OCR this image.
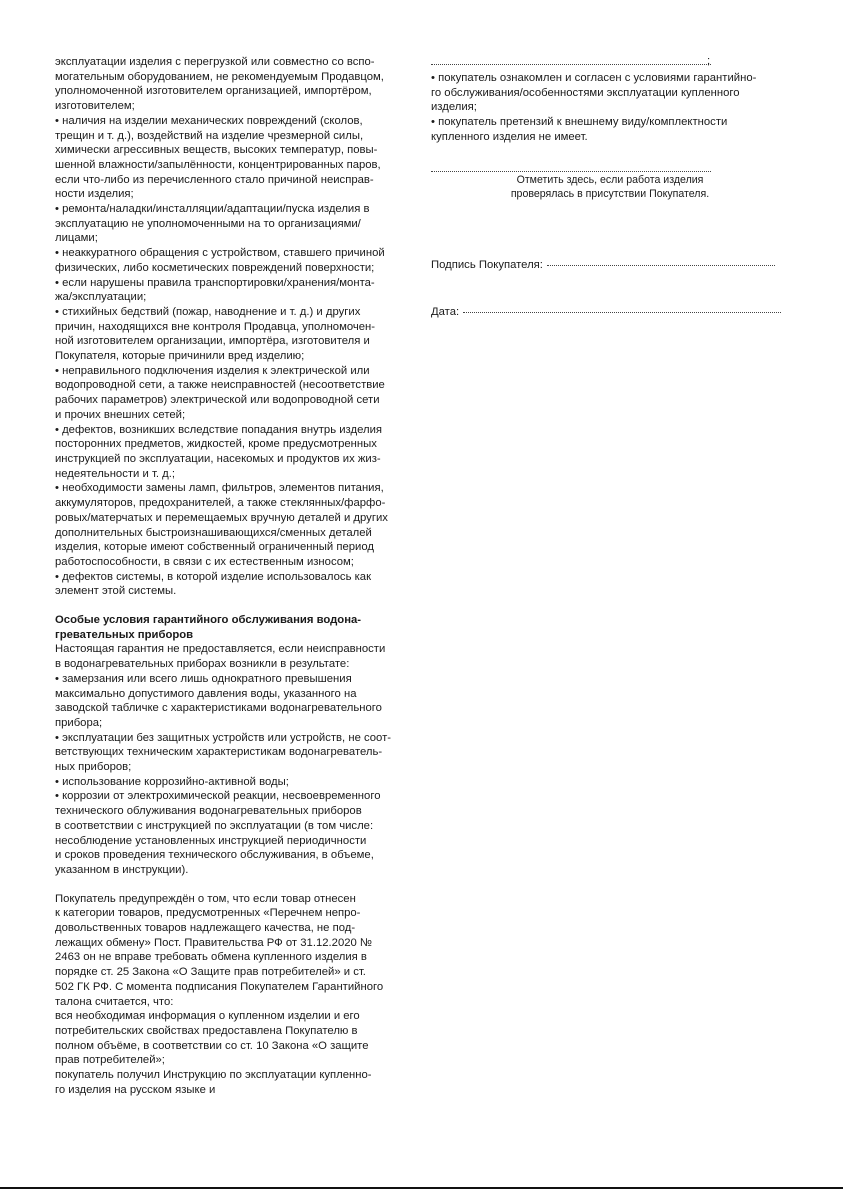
эксплуатации изделия с перегрузкой или совместно со вспо-

могательным оборудованием, не рекомендуемым Продавцом,

уполномоченной изготовителем организацией, импортёром,

изготовителем;

• наличия на изделии механических повреждений (сколов,

трещин и т. д.), воздействий на изделие чрезмерной силы,

химически агрессивных веществ, высоких температур, повы-

шенной влажности/запылённости, концентрированных паров,

если что-либо из перечисленного стало причиной неисправ-

ности изделия;

• ремонта/наладки/инсталляции/адаптации/пуска изделия в

эксплуатацию не уполномоченными на то организациями/

лицами;

• неаккуратного обращения с устройством, ставшего причиной

физических, либо косметических повреждений поверхности;

• если нарушены правила транспортировки/хранения/монта-

жа/эксплуатации;

• стихийных бедствий (пожар, наводнение и т. д.) и других

причин, находящихся вне контроля Продавца, уполномочен-

ной изготовителем организации, импортёра, изготовителя и

Покупателя, которые причинили вред изделию;

• неправильного подключения изделия к электрической или

водопроводной сети, а также неисправностей (несоответствие

рабочих параметров) электрической или водопроводной сети

и прочих внешних сетей;

• дефектов, возникших вследствие попадания внутрь изделия

посторонних предметов, жидкостей, кроме предусмотренных

инструкцией по эксплуатации, насекомых и продуктов их жиз-

недеятельности и т. д.;

• необходимости замены ламп, фильтров, элементов питания,

аккумуляторов, предохранителей, а также стеклянных/фарфо-

ровых/матерчатых и перемещаемых вручную деталей и других

дополнительных быстроизнашивающихся/сменных деталей

изделия, которые имеют собственный ограниченный период

работоспособности, в связи с их естественным износом;

• дефектов системы, в которой изделие использовалось как

элемент этой системы.

Особые условия гарантийного обслуживания водона-

гревательных приборов

Настоящая гарантия не предоставляется, если неисправности

в водонагревательных приборах возникли в результате:

• замерзания или всего лишь однократного превышения

максимально допустимого давления воды, указанного на

заводской табличке с характеристиками водонагревательного

прибора;

• эксплуатации без защитных устройств или устройств, не соот-

ветствующих техническим характеристикам водонагреватель-

ных приборов;

• использование коррозийно-активной воды;

• коррозии от электрохимической реакции, несвоевременного

технического облуживания водонагревательных приборов

в соответствии с инструкцией по эксплуатации (в том числе:

несоблюдение установленных инструкцией периодичности

и сроков проведения технического обслуживания, в объеме,

указанном в инструкции).

Покупатель предупреждён о том, что если товар отнесен

к категории товаров, предусмотренных «Перечнем непро-

довольственных товаров надлежащего качества, не под-

лежащих обмену» Пост. Правительства РФ от 31.12.2020 №

2463 он не вправе требовать обмена купленного изделия в

порядке ст. 25 Закона «О Защите прав потребителей» и ст.

502 ГК РФ. С момента подписания Покупателем Гарантийного

талона считается, что:

вся необходимая информация о купленном изделии и его

потребительских свойствах предоставлена Покупателю в

полном объёме, в соответствии со ст. 10 Закона «О защите

прав потребителей»;

покупатель получил Инструкцию по эксплуатации купленно-

го изделия на русском языке и

;

• покупатель ознакомлен и согласен с условиями гарантийно-

го обслуживания/особенностями эксплуатации купленного

изделия;

• покупатель претензий к внешнему виду/комплектности

купленного изделия не имеет.

Отметить здесь, если работа изделия
проверялась в присутствии Покупателя.
Подпись Покупателя:
Дата:
